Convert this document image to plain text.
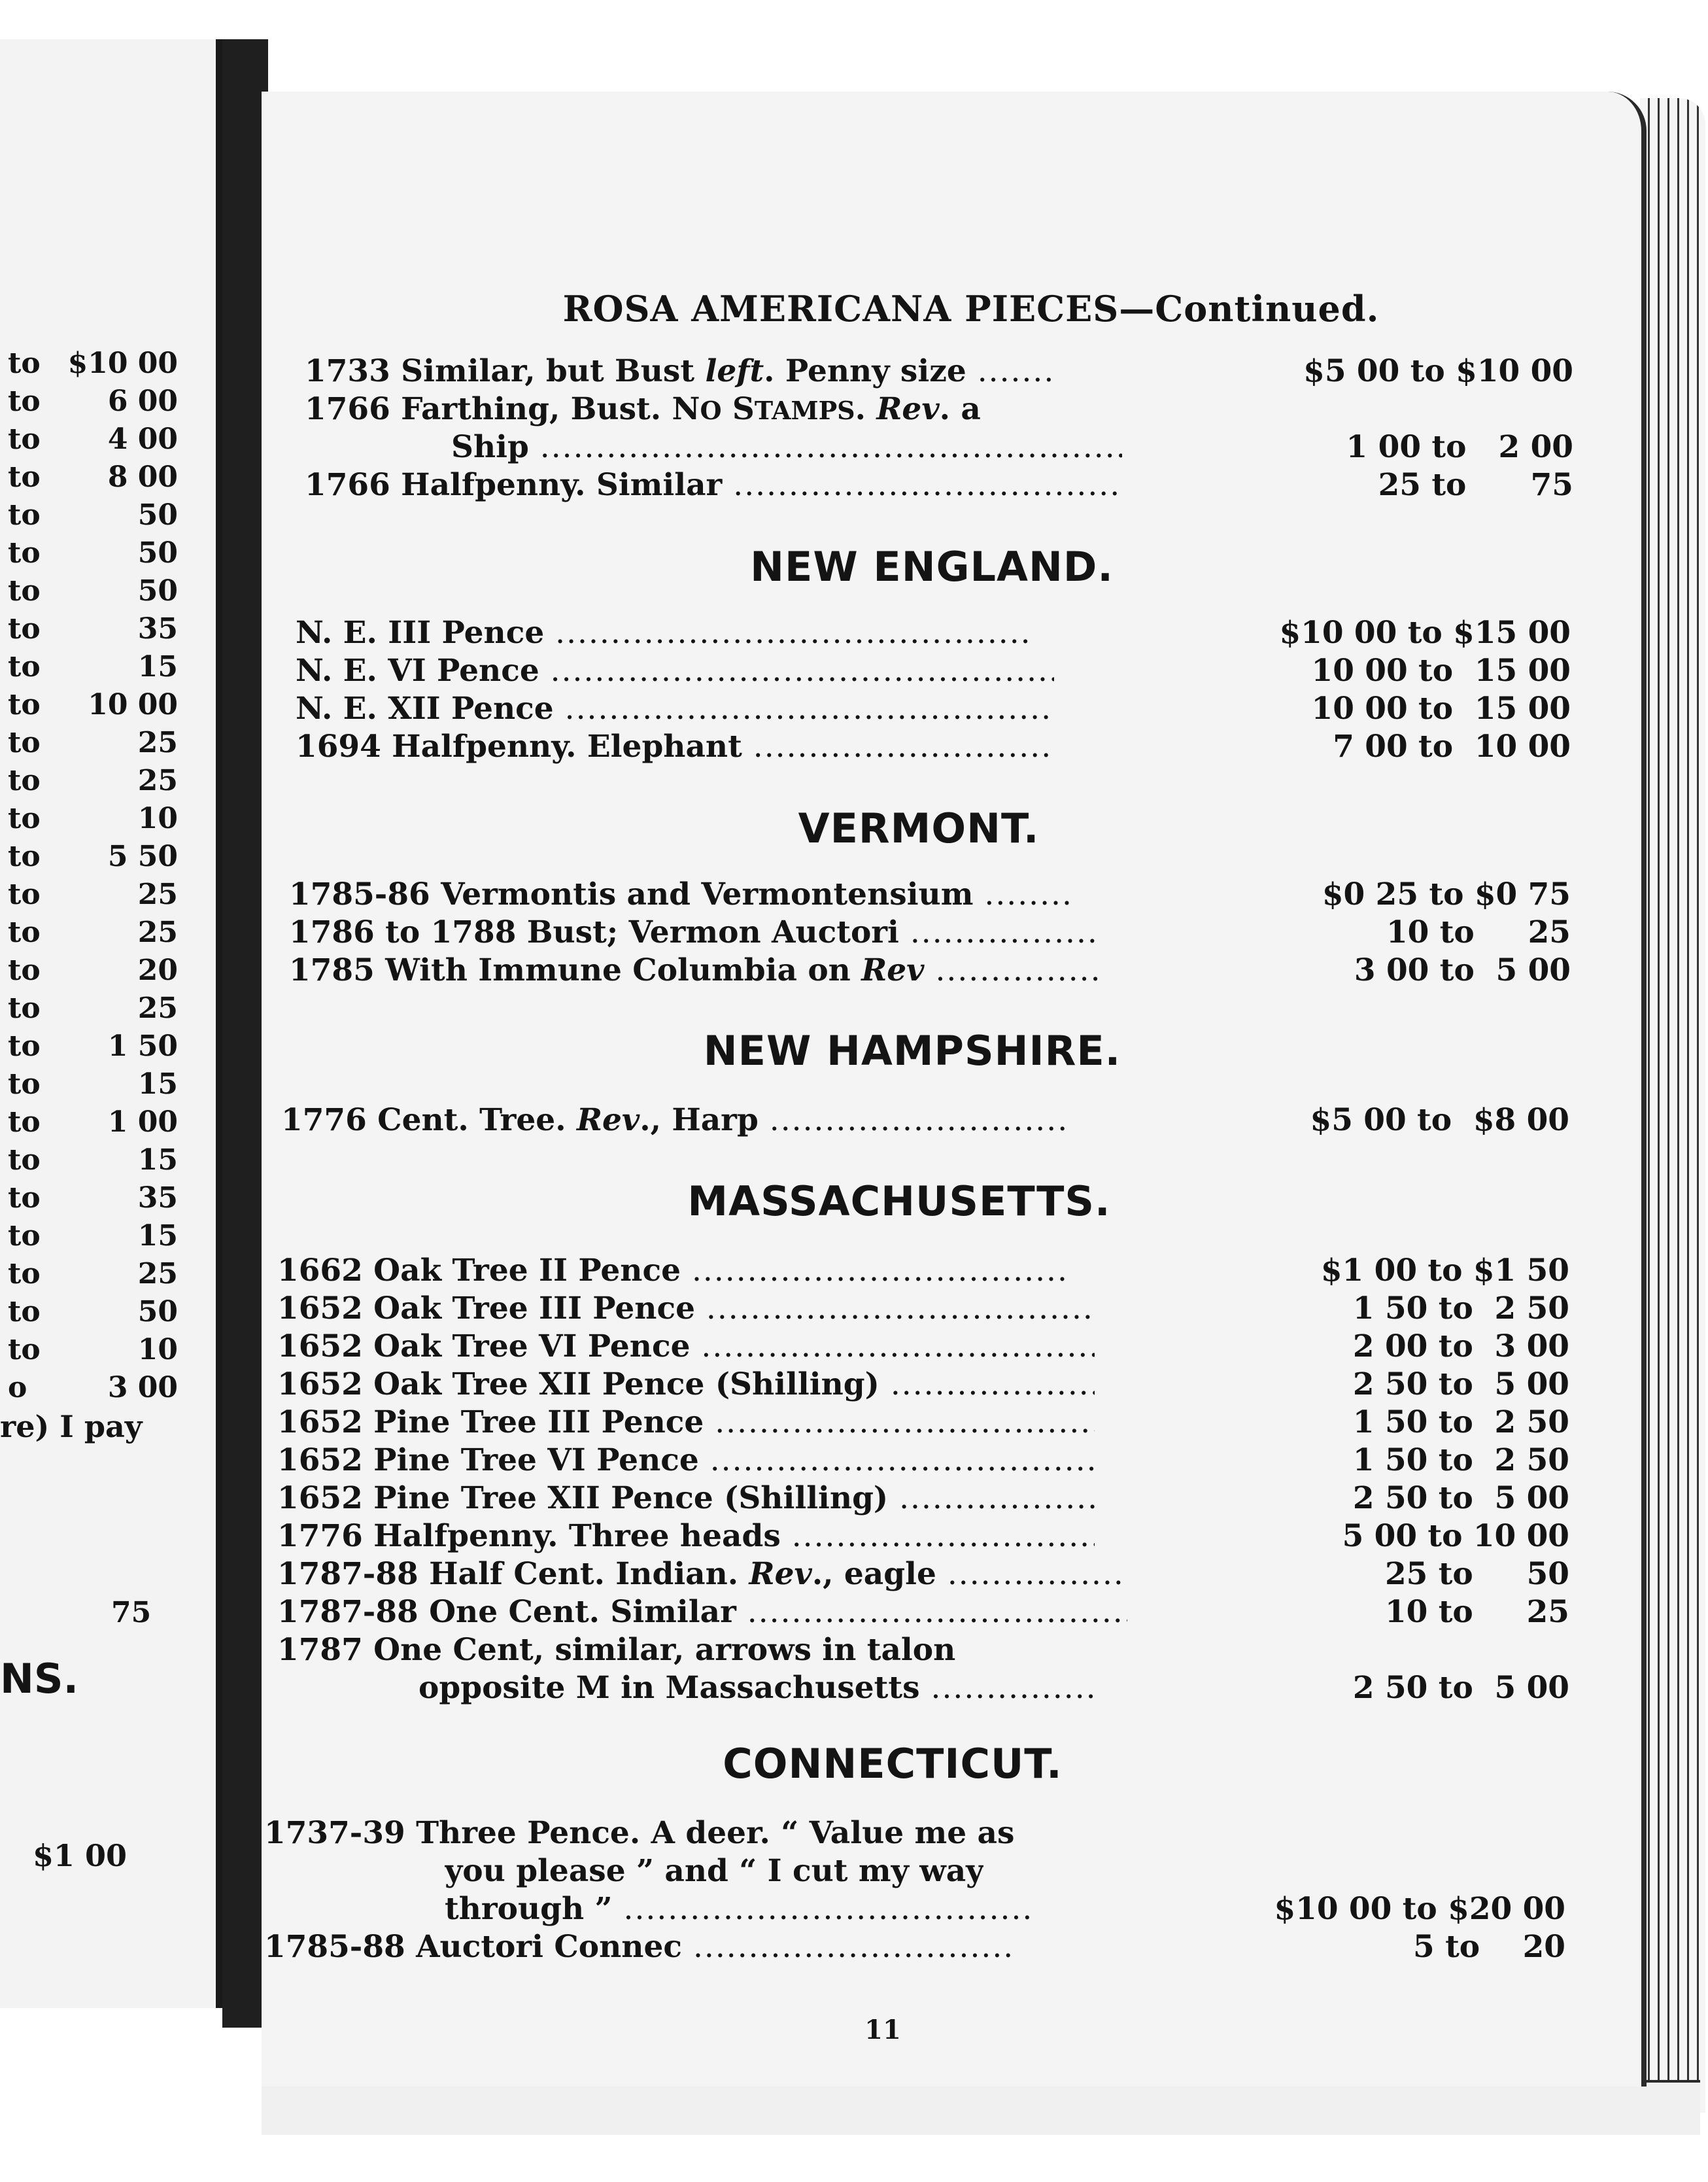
ROSA AMERICANA PIECES—Continued.
1733 Similar, but Bust left. Penny size .....	$5 00 to $10 00
1766 Farthing, Bust. NO STAMPS. Rev. a
Ship .....	1 00 to   2 00
1766 Halfpenny. Similar .....	25 to      75
NEW ENGLAND.
N. E. III Pence .....	$10 00 to $15 00
N. E. VI Pence .....	10 00 to  15 00
N. E. XII Pence .....	10 00 to  15 00
1694 Halfpenny. Elephant .....	7 00 to  10 00
VERMONT.
1785-86 Vermontis and Vermontensium .....	$0 25 to $0 75
1786 to 1788 Bust; Vermon Auctori .....	10 to     25
1785 With Immune Columbia on Rev .....	3 00 to  5 00
NEW HAMPSHIRE.
1776 Cent. Tree. Rev., Harp .....	$5 00 to  $8 00
MASSACHUSETTS.
1662 Oak Tree II Pence .....	$1 00 to $1 50
1652 Oak Tree III Pence .....	1 50 to  2 50
1652 Oak Tree VI Pence .....	2 00 to  3 00
1652 Oak Tree XII Pence (Shilling) .....	2 50 to  5 00
1652 Pine Tree III Pence .....	1 50 to  2 50
1652 Pine Tree VI Pence .....	1 50 to  2 50
1652 Pine Tree XII Pence (Shilling) .....	2 50 to  5 00
1776 Halfpenny. Three heads .....	5 00 to 10 00
1787-88 Half Cent. Indian. Rev., eagle .....	25 to     50
1787-88 One Cent. Similar .....	10 to     25
1787 One Cent, similar, arrows in talon
opposite M in Massachusetts .....	2 50 to  5 00
CONNECTICUT.
1737-39 Three Pence. A deer. “ Value me as
you please ” and “ I cut my way
through ” .....	$10 00 to $20 00
1785-88 Auctori Connec .....	5 to    20
11
to $10 00
to 6 00
to 4 00
to 8 00
to	50
to	50
to	50
to	35
to	15
to 10 00
to	25
to	25
to	10
to 5 50
to	25
to	25
to	20
to	25
to 1 50
to	15
to 1 00
to	15
to	35
to	15
to	25
to	50
to	10
o	3 00
re) I pay
75
NS.
$1 00
